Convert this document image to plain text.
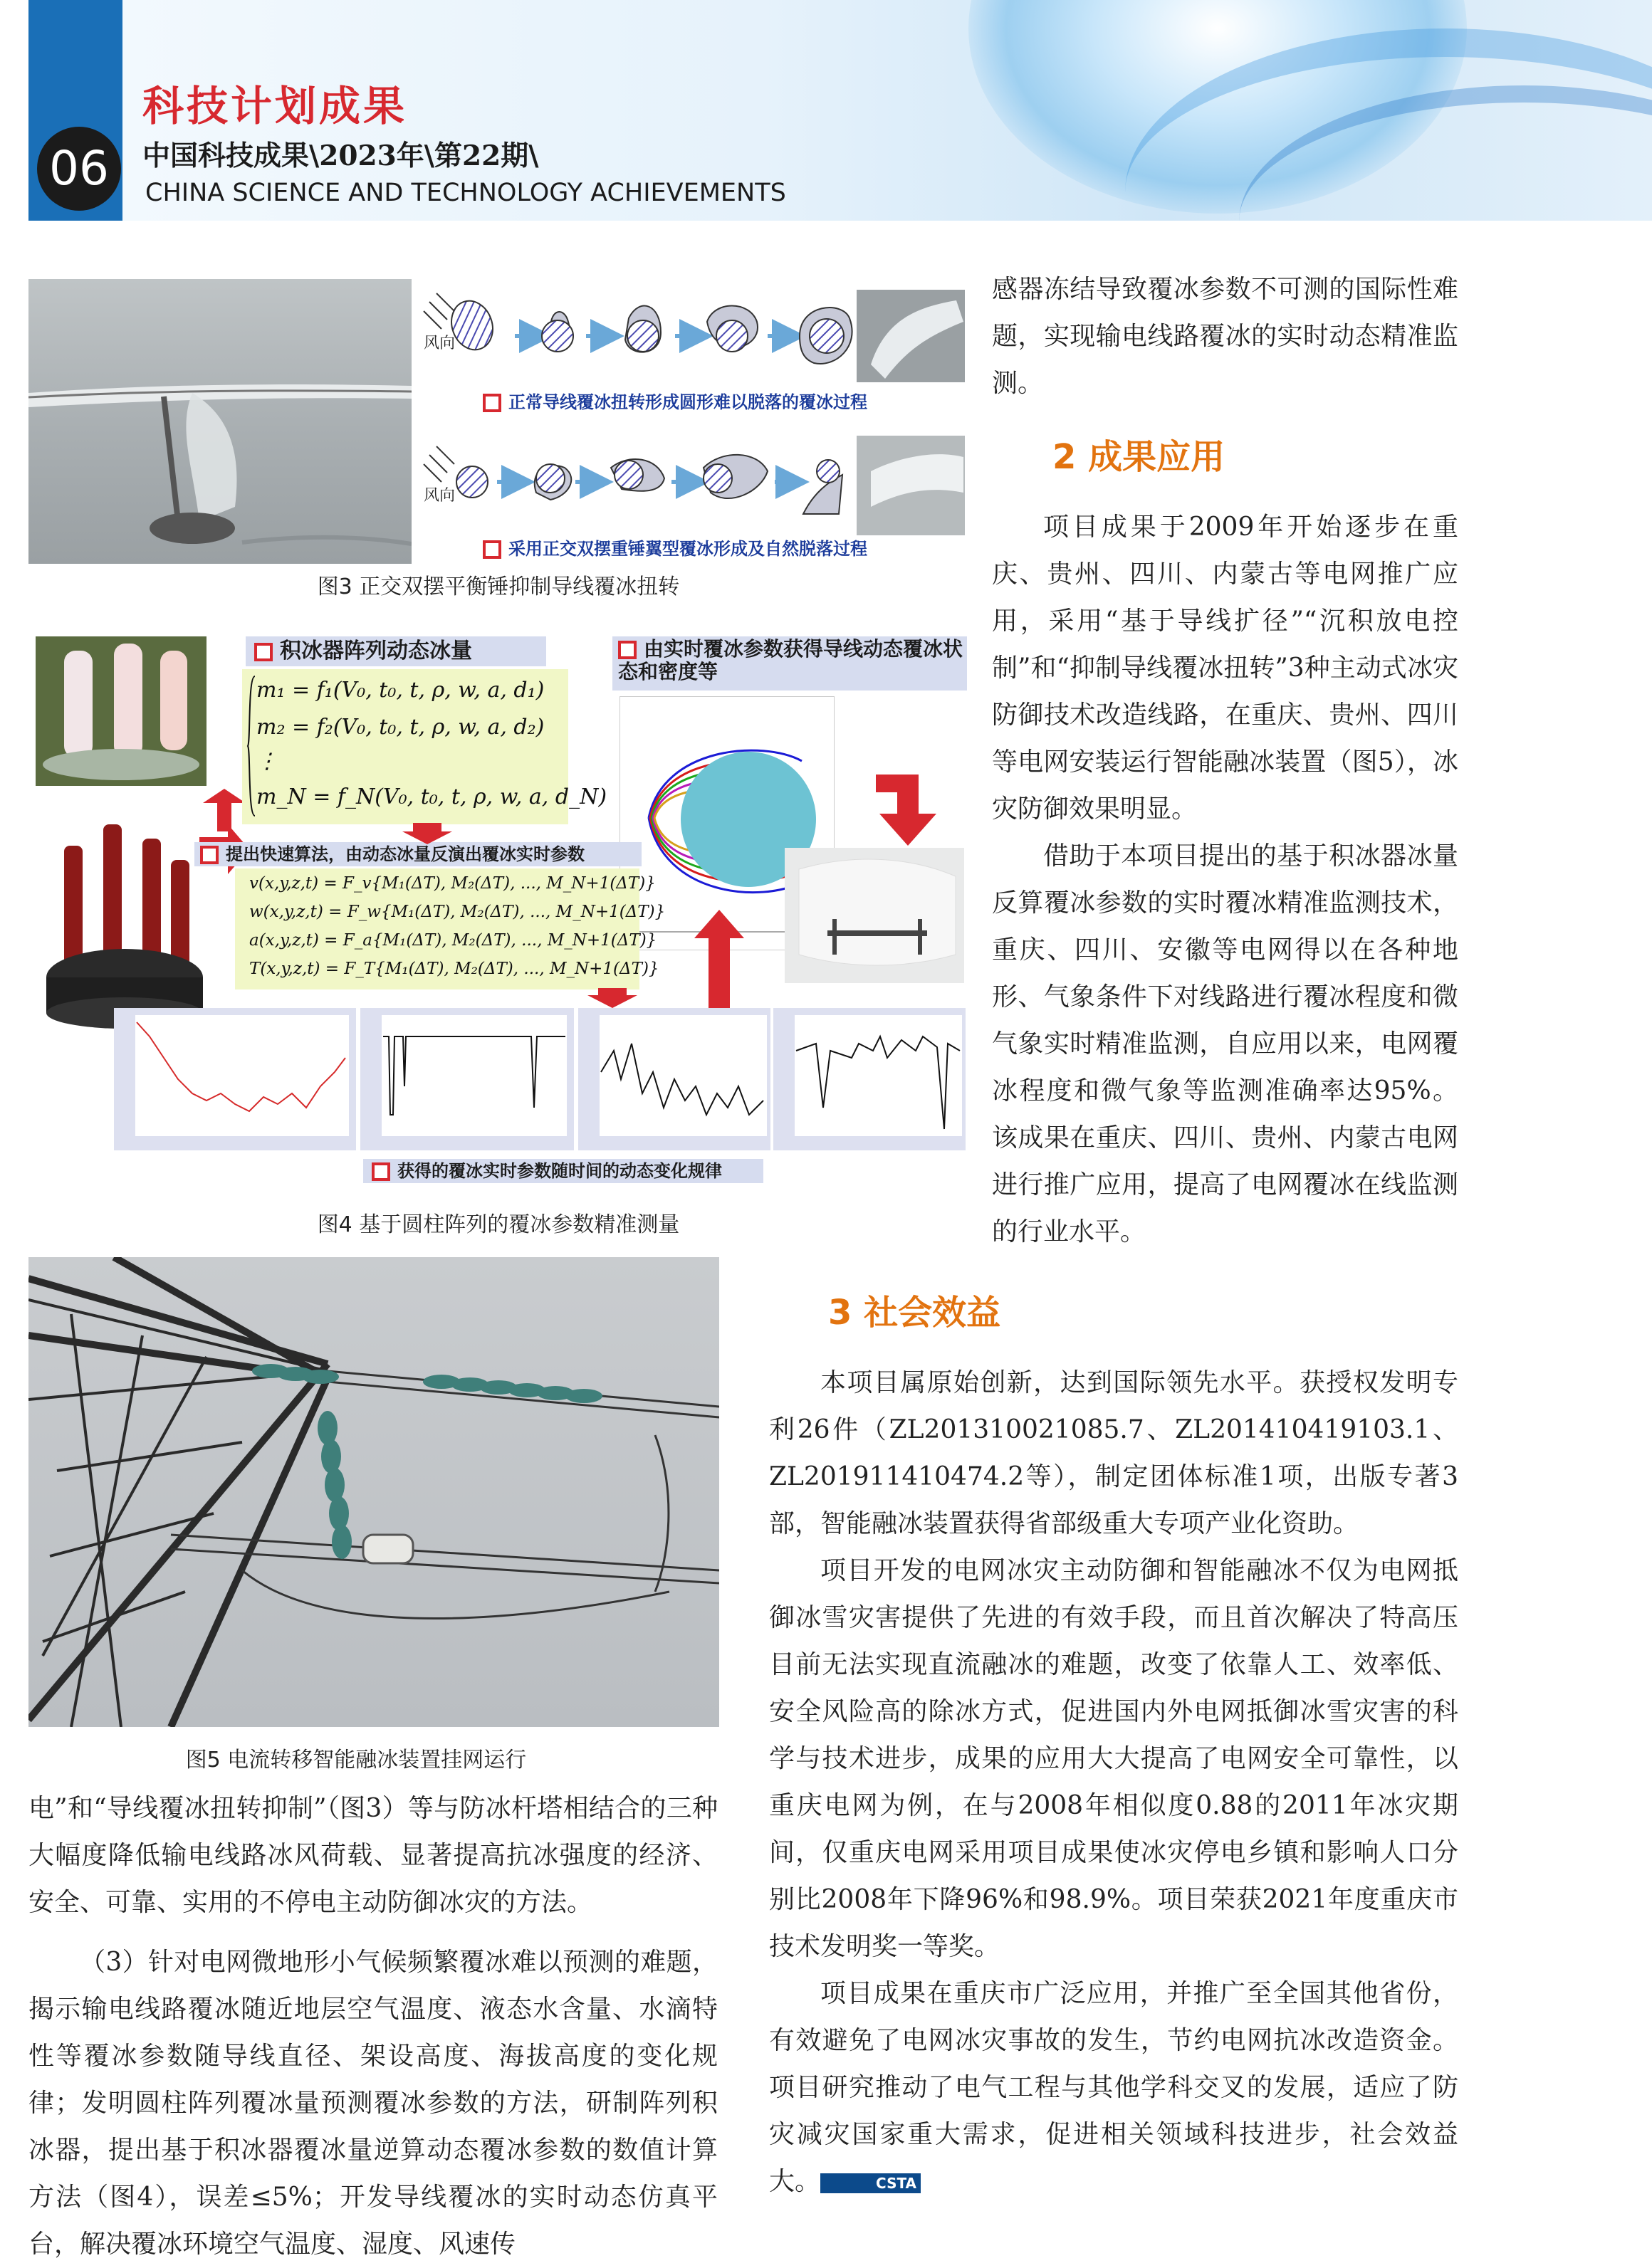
06
科技计划成果
中国科技成果\2023年\第22期\
CHINA SCIENCE AND TECHNOLOGY ACHIEVEMENTS
风向
风向
正常导线覆冰扭转形成圆形难以脱落的覆冰过程
采用正交双摆重锤翼型覆冰形成及自然脱落过程
图3 正交双摆平衡锤抑制导线覆冰扭转
积冰器阵列动态冰量
m₁ = f₁(V₀, t₀, t, ρ, w, a, d₁)
m₂ = f₂(V₀, t₀, t, ρ, w, a, d₂)
⋮
m_N = f_N(V₀, t₀, t, ρ, w, a, d_N)
由实时覆冰参数获得导线动态覆冰状态和密度等
提出快速算法，由动态冰量反演出覆冰实时参数
v(x,y,z,t) = F_v{M₁(ΔT), M₂(ΔT), ..., M_N+1(ΔT)}
w(x,y,z,t) = F_w{M₁(ΔT), M₂(ΔT), ..., M_N+1(ΔT)}
a(x,y,z,t) = F_a{M₁(ΔT), M₂(ΔT), ..., M_N+1(ΔT)}
T(x,y,z,t) = F_T{M₁(ΔT), M₂(ΔT), ..., M_N+1(ΔT)}
获得的覆冰实时参数随时间的动态变化规律
图4 基于圆柱阵列的覆冰参数精准测量
图5 电流转移智能融冰装置挂网运行

感器冻结导致覆冰参数不可测的国际性难题，实现输电线路覆冰的实时动态精准监测。

2 成果应用

项目成果于2009年开始逐步在重庆、贵州、四川、内蒙古等电网推广应用，采用“基于导线扩径”“沉积放电控制”和“抑制导线覆冰扭转”3种主动式冰灾防御技术改造线路，在重庆、贵州、四川等电网安装运行智能融冰装置（图5），冰灾防御效果明显。

借助于本项目提出的基于积冰器冰量反算覆冰参数的实时覆冰精准监测技术，重庆、四川、安徽等电网得以在各种地形、气象条件下对线路进行覆冰程度和微气象实时精准监测，自应用以来，电网覆冰程度和微气象等监测准确率达95%。该成果在重庆、四川、贵州、内蒙古电网进行推广应用，提高了电网覆冰在线监测的行业水平。

3 社会效益

本项目属原始创新，达到国际领先水平。获授权发明专利26件（ZL201310021085.7、ZL201410419103.1、ZL201911410474.2等），制定团体标准1项，出版专著3部，智能融冰装置获得省部级重大专项产业化资助。

项目开发的电网冰灾主动防御和智能融冰不仅为电网抵御冰雪灾害提供了先进的有效手段，而且首次解决了特高压目前无法实现直流融冰的难题，改变了依靠人工、效率低、安全风险高的除冰方式，促进国内外电网抵御冰雪灾害的科学与技术进步，成果的应用大大提高了电网安全可靠性，以重庆电网为例，在与2008年相似度0.88的2011年冰灾期间，仅重庆电网采用项目成果使冰灾停电乡镇和影响人口分别比2008年下降96%和98.9%。项目荣获2021年度重庆市技术发明奖一等奖。

项目成果在重庆市广泛应用，并推广至全国其他省份，有效避免了电网冰灾事故的发生，节约电网抗冰改造资金。项目研究推动了电气工程与其他学科交叉的发展，适应了防灾减灾国家重大需求，促进相关领域科技进步，社会效益大。	CSTA

电”和“导线覆冰扭转抑制”（图3）等与防冰杆塔相结合的三种大幅度降低输电线路冰风荷载、显著提高抗冰强度的经济、安全、可靠、实用的不停电主动防御冰灾的方法。

（3）针对电网微地形小气候频繁覆冰难以预测的难题，揭示输电线路覆冰随近地层空气温度、液态水含量、水滴特性等覆冰参数随导线直径、架设高度、海拔高度的变化规律；发明圆柱阵列覆冰量预测覆冰参数的方法，研制阵列积冰器，提出基于积冰器覆冰量逆算动态覆冰参数的数值计算方法（图4），误差≤5%；开发导线覆冰的实时动态仿真平台，解决覆冰环境空气温度、湿度、风速传
